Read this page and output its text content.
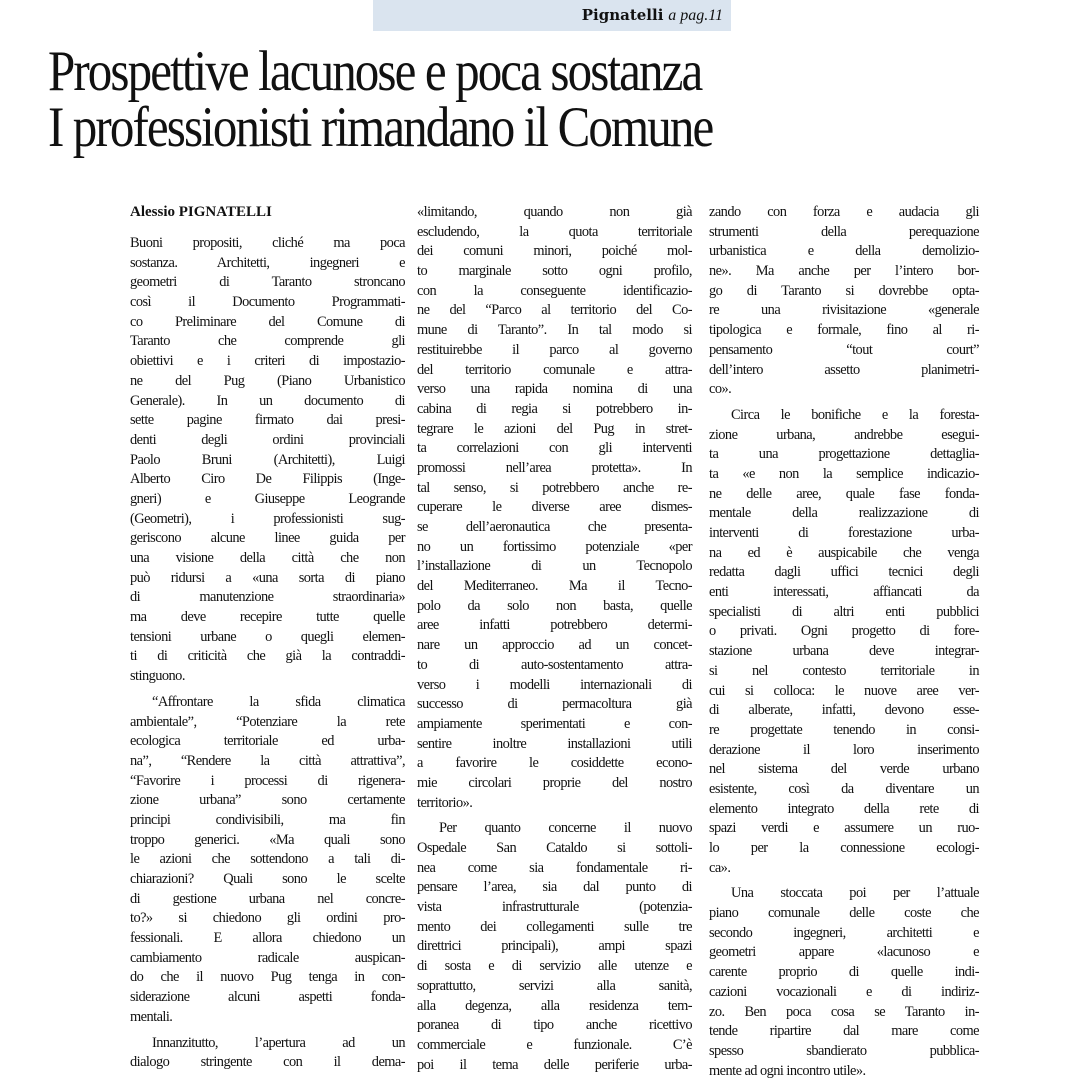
Pignatelli a pag.11
Prospettive lacunose e poca sostanza
I professionisti rimandano il Comune
Alessio PIGNATELLI
Buoni propositi, cliché ma poca
sostanza. Architetti, ingegneri e
geometri di Taranto stroncano
così il Documento Programmati-
co Preliminare del Comune di
Taranto che comprende gli
obiettivi e i criteri di impostazio-
ne del Pug (Piano Urbanistico
Generale). In un documento di
sette pagine firmato dai presi-
denti degli ordini provinciali
Paolo Bruni (Architetti), Luigi
Alberto Ciro De Filippis (Inge-
gneri) e Giuseppe Leogrande
(Geometri), i professionisti sug-
geriscono alcune linee guida per
una visione della città che non
può ridursi a «una sorta di piano
di manutenzione straordinaria»
ma deve recepire tutte quelle
tensioni urbane o quegli elemen-
ti di criticità che già la contraddi-
stinguono.
“Affrontare la sfida climatica
ambientale”, “Potenziare la rete
ecologica territoriale ed urba-
na”, “Rendere la città attrattiva”,
“Favorire i processi di rigenera-
zione urbana” sono certamente
principi condivisibili, ma fin
troppo generici. «Ma quali sono
le azioni che sottendono a tali di-
chiarazioni? Quali sono le scelte
di gestione urbana nel concre-
to?» si chiedono gli ordini pro-
fessionali. E allora chiedono un
cambiamento radicale auspican-
do che il nuovo Pug tenga in con-
siderazione alcuni aspetti fonda-
mentali.
Innanzitutto, l’apertura ad un
dialogo stringente con il dema-
«limitando, quando non già
escludendo, la quota territoriale
dei comuni minori, poiché mol-
to marginale sotto ogni profilo,
con la conseguente identificazio-
ne del “Parco al territorio del Co-
mune di Taranto”. In tal modo si
restituirebbe il parco al governo
del territorio comunale e attra-
verso una rapida nomina di una
cabina di regia si potrebbero in-
tegrare le azioni del Pug in stret-
ta correlazioni con gli interventi
promossi nell’area protetta». In
tal senso, si potrebbero anche re-
cuperare le diverse aree dismes-
se dell’aeronautica che presenta-
no un fortissimo potenziale «per
l’installazione di un Tecnopolo
del Mediterraneo. Ma il Tecno-
polo da solo non basta, quelle
aree infatti potrebbero determi-
nare un approccio ad un concet-
to di auto-sostentamento attra-
verso i modelli internazionali di
successo di permacoltura già
ampiamente sperimentati e con-
sentire inoltre installazioni utili
a favorire le cosiddette econo-
mie circolari proprie del nostro
territorio».
Per quanto concerne il nuovo
Ospedale San Cataldo si sottoli-
nea come sia fondamentale ri-
pensare l’area, sia dal punto di
vista infrastrutturale (potenzia-
mento dei collegamenti sulle tre
direttrici principali), ampi spazi
di sosta e di servizio alle utenze e
soprattutto, servizi alla sanità,
alla degenza, alla residenza tem-
poranea di tipo anche ricettivo
commerciale e funzionale. C’è
poi il tema delle periferie urba-
zando con forza e audacia gli
strumenti della perequazione
urbanistica e della demolizio-
ne». Ma anche per l’intero bor-
go di Taranto si dovrebbe opta-
re una rivisitazione «generale
tipologica e formale, fino al ri-
pensamento “tout court”
dell’intero assetto planimetri-
co».
Circa le bonifiche e la foresta-
zione urbana, andrebbe esegui-
ta una progettazione dettaglia-
ta «e non la semplice indicazio-
ne delle aree, quale fase fonda-
mentale della realizzazione di
interventi di forestazione urba-
na ed è auspicabile che venga
redatta dagli uffici tecnici degli
enti interessati, affiancati da
specialisti di altri enti pubblici
o privati. Ogni progetto di fore-
stazione urbana deve integrar-
si nel contesto territoriale in
cui si colloca: le nuove aree ver-
di alberate, infatti, devono esse-
re progettate tenendo in consi-
derazione il loro inserimento
nel sistema del verde urbano
esistente, così da diventare un
elemento integrato della rete di
spazi verdi e assumere un ruo-
lo per la connessione ecologi-
ca».
Una stoccata poi per l’attuale
piano comunale delle coste che
secondo ingegneri, architetti e
geometri appare «lacunoso e
carente proprio di quelle indi-
cazioni vocazionali e di indiriz-
zo. Ben poca cosa se Taranto in-
tende ripartire dal mare come
spesso sbandierato pubblica-
mente ad ogni incontro utile».
